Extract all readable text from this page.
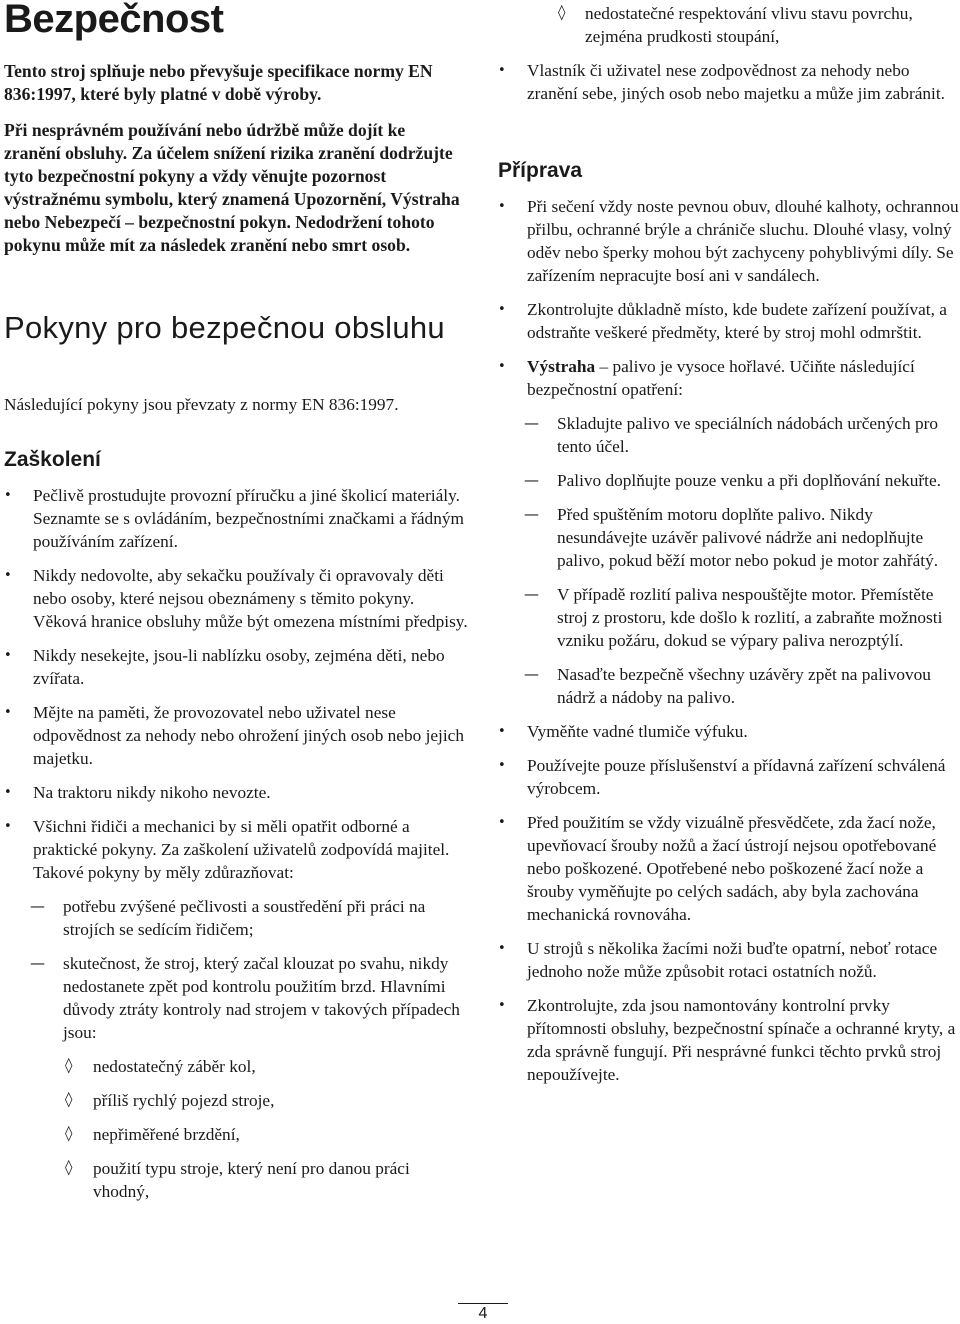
Bezpečnost

Tento stroj splňuje nebo převyšuje specifikace normy EN 836:1997, které byly platné v době výroby.

Při nesprávném používání nebo údržbě může dojít ke zranění obsluhy. Za účelem snížení rizika zranění dodržujte tyto bezpečnostní pokyny a vždy věnujte pozornost výstražnému symbolu, který znamená Upozornění, Výstraha nebo Nebezpečí – bezpečnostní pokyn. Nedodržení tohoto pokynu může mít za následek zranění nebo smrt osob.

Pokyny pro bezpečnou obsluhu

Následující pokyny jsou převzaty z normy EN 836:1997.

Zaškolení
•	Pečlivě prostudujte provozní příručku a jiné školicí materiály. Seznamte se s ovládáním, bezpečnostními značkami a řádným používáním zařízení.
•	Nikdy nedovolte, aby sekačku používaly či opravovaly děti nebo osoby, které nejsou obeznámeny s těmito pokyny. Věková hranice obsluhy může být omezena místními předpisy.
•	Nikdy nesekejte, jsou-li nablízku osoby, zejména děti, nebo zvířata.
•	Mějte na paměti, že provozovatel nebo uživatel nese odpovědnost za nehody nebo ohrožení jiných osob nebo jejich majetku.
•	Na traktoru nikdy nikoho nevozte.
•	Všichni řidiči a mechanici by si měli opatřit odborné a praktické pokyny. Za zaškolení uživatelů zodpovídá majitel. Takové pokyny by měly zdůrazňovat:
— potřebu zvýšené pečlivosti a soustředění při práci na strojích se sedícím řidičem;
— skutečnost, že stroj, který začal klouzat po svahu, nikdy nedostanete zpět pod kontrolu použitím brzd. Hlavními důvody ztráty kontroly nad strojem v takových případech jsou:
◊ nedostatečný záběr kol,
◊ příliš rychlý pojezd stroje,
◊ nepřiměřené brzdění,
◊ použití typu stroje, který není pro danou práci vhodný,
◊ nedostatečné respektování vlivu stavu povrchu, zejména prudkosti stoupání,
•	Vlastník či uživatel nese zodpovědnost za nehody nebo zranění sebe, jiných osob nebo majetku a může jim zabránit.
Příprava
•	Při sečení vždy noste pevnou obuv, dlouhé kalhoty, ochrannou přilbu, ochranné brýle a chrániče sluchu. Dlouhé vlasy, volný oděv nebo šperky mohou být zachyceny pohyblivými díly. Se zařízením nepracujte bosí ani v sandálech.
•	Zkontrolujte důkladně místo, kde budete zařízení používat, a odstraňte veškeré předměty, které by stroj mohl odmrštit.
•	Výstraha – palivo je vysoce hořlavé. Učiňte následující bezpečnostní opatření:
— Skladujte palivo ve speciálních nádobách určených pro tento účel.
— Palivo doplňujte pouze venku a při doplňování nekuřte.
— Před spuštěním motoru doplňte palivo. Nikdy nesundávejte uzávěr palivové nádrže ani nedoplňujte palivo, pokud běží motor nebo pokud je motor zahřátý.
— V případě rozlití paliva nespouštějte motor. Přemístěte stroj z prostoru, kde došlo k rozlití, a zabraňte možnosti vzniku požáru, dokud se výpary paliva nerozptýlí.
— Nasaďte bezpečně všechny uzávěry zpět na palivovou nádrž a nádoby na palivo.
•	Vyměňte vadné tlumiče výfuku.
•	Používejte pouze příslušenství a přídavná zařízení schválená výrobcem.
•	Před použitím se vždy vizuálně přesvědčete, zda žací nože, upevňovací šrouby nožů a žací ústrojí nejsou opotřebované nebo poškozené. Opotřebené nebo poškozené žací nože a šrouby vyměňujte po celých sadách, aby byla zachována mechanická rovnováha.
•	U strojů s několika žacími noži buďte opatrní, neboť rotace jednoho nože může způsobit rotaci ostatních nožů.
•	Zkontrolujte, zda jsou namontovány kontrolní prvky přítomnosti obsluhy, bezpečnostní spínače a ochranné kryty, a zda správně fungují. Při nesprávné funkci těchto prvků stroj nepoužívejte.
4
